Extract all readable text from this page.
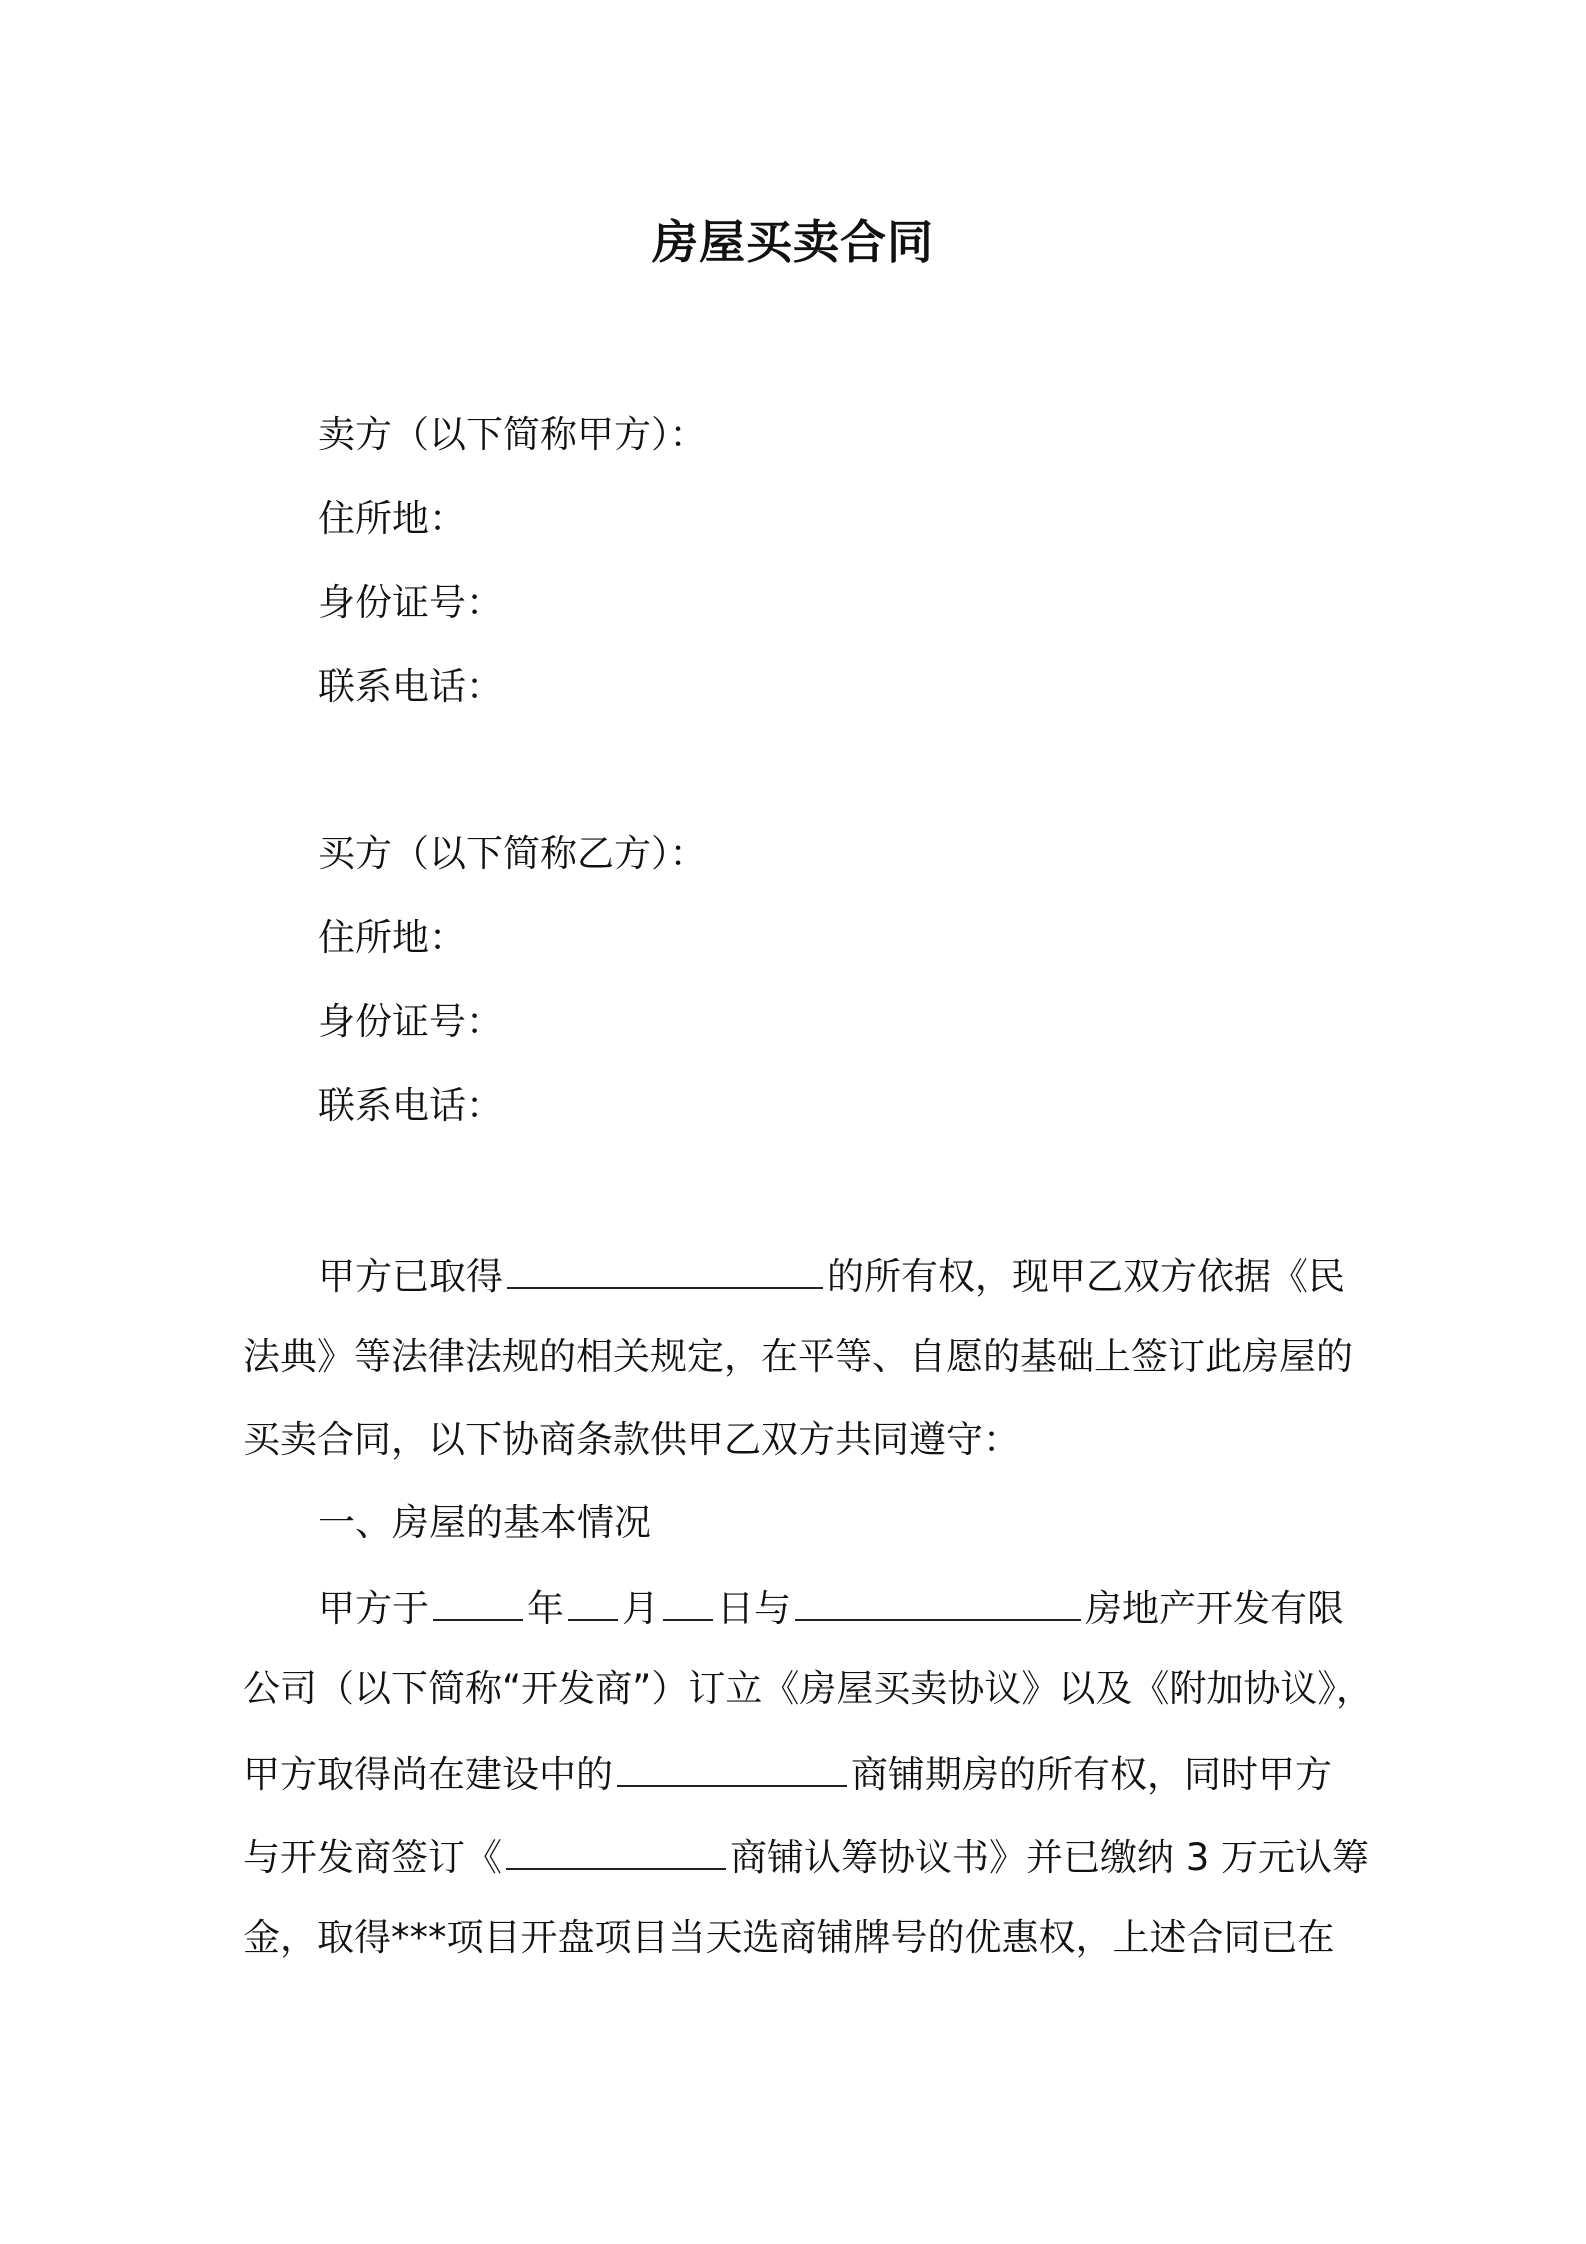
房屋买卖合同
卖方（以下简称甲方）：
住所地：
身份证号：
联系电话：
买方（以下简称乙方）：
住所地：
身份证号：
联系电话：
甲方已取得	的所有权，现甲乙双方依据《民
法典》等法律法规的相关规定，在平等、自愿的基础上签订此房屋的
买卖合同，以下协商条款供甲乙双方共同遵守：
一、房屋的基本情况
甲方于	年 月 日与	房地产开发有限
公司（以下简称“开发商”）订立《房屋买卖协议》以及《附加协议》，
甲方取得尚在建设中的	商铺期房的所有权，同时甲方
与开发商签订《	商铺认筹协议书》并已缴纳 3 万元认筹
金，取得***项目开盘项目当天选商铺牌号的优惠权，上述合同已在
